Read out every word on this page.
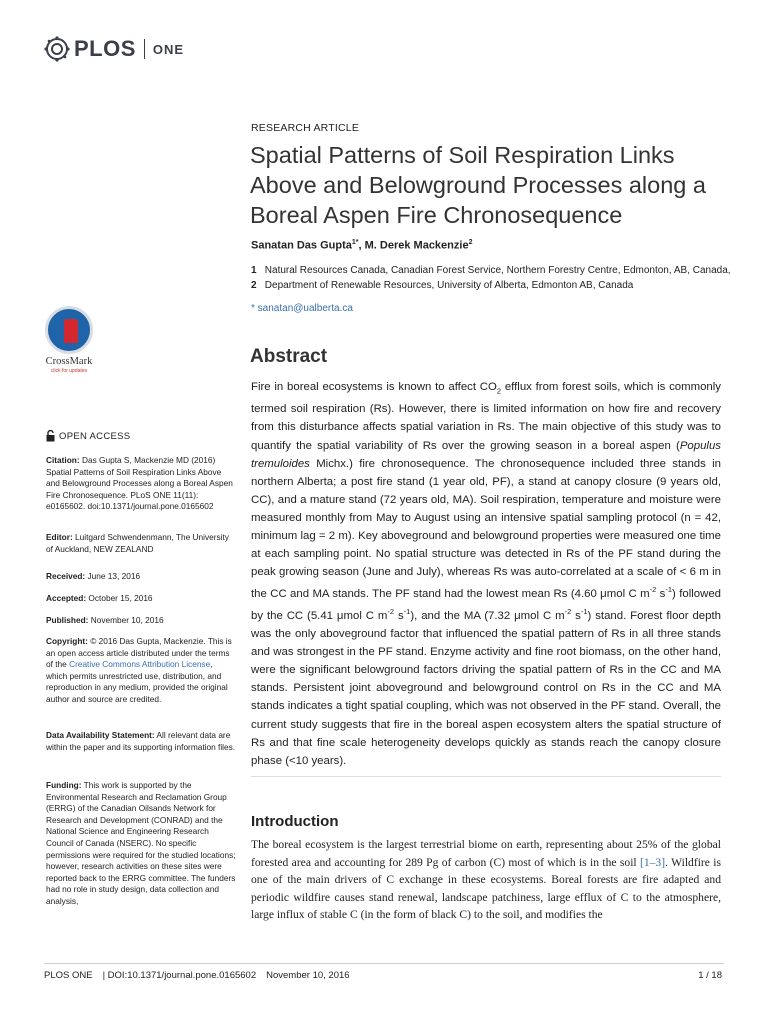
PLOS ONE
RESEARCH ARTICLE
Spatial Patterns of Soil Respiration Links Above and Belowground Processes along a Boreal Aspen Fire Chronosequence
Sanatan Das Gupta$^{1*}$, M. Derek Mackenzie$^2$
1 Natural Resources Canada, Canadian Forest Service, Northern Forestry Centre, Edmonton, AB, Canada,
2 Department of Renewable Resources, University of Alberta, Edmonton AB, Canada
* sanatan@ualberta.ca
Abstract

Fire in boreal ecosystems is known to affect $CO_2$ efflux from forest soils, which is commonly termed soil respiration (Rs). However, there is limited information on how fire and recovery from this disturbance affects spatial variation in Rs. The main objective of this study was to quantify the spatial variability of Rs over the growing season in a boreal aspen (Populus tremuloides Michx.) fire chronosequence. The chronosequence included three stands in northern Alberta; a post fire stand (1 year old, PF), a stand at canopy closure (9 years old, CC), and a mature stand (72 years old, MA). Soil respiration, temperature and moisture were measured monthly from May to August using an intensive spatial sampling protocol (n = 42, minimum lag = 2 m). Key aboveground and belowground properties were measured one time at each sampling point. No spatial structure was detected in Rs of the PF stand during the peak growing season (June and July), whereas Rs was auto-correlated at a scale of < 6 m in the CC and MA stands. The PF stand had the lowest mean Rs (4.60 μmol C $m^{-2}$ $s^{-1}$) followed by the CC (5.41 μmol C $m^{-2}$ $s^{-1}$), and the MA (7.32 μmol C $m^{-2}$ $s^{-1}$) stand. Forest floor depth was the only aboveground factor that influenced the spatial pattern of Rs in all three stands and was strongest in the PF stand. Enzyme activity and fine root biomass, on the other hand, were the significant belowground factors driving the spatial pattern of Rs in the CC and MA stands. Persistent joint aboveground and belowground control on Rs in the CC and MA stands indicates a tight spatial coupling, which was not observed in the PF stand. Overall, the current study suggests that fire in the boreal aspen ecosystem alters the spatial structure of Rs and that fine scale heterogeneity develops quickly as stands reach the canopy closure phase (<10 years).

Introduction

The boreal ecosystem is the largest terrestrial biome on earth, representing about 25% of the global forested area and accounting for 289 Pg of carbon (C) most of which is in the soil [1–3]. Wildfire is one of the main drivers of C exchange in these ecosystems. Boreal forests are fire adapted and periodic wildfire causes stand renewal, landscape patchiness, large efflux of C to the atmosphere, large influx of stable C (in the form of black C) to the soil, and modifies the

CrossMark
click for updates
OPEN ACCESS
Citation: Das Gupta S, Mackenzie MD (2016) Spatial Patterns of Soil Respiration Links Above and Belowground Processes along a Boreal Aspen Fire Chronosequence. PLoS ONE 11(11): e0165602. doi:10.1371/journal.pone.0165602
Editor: Luitgard Schwendenmann, The University of Auckland, NEW ZEALAND
Received: June 13, 2016
Accepted: October 15, 2016
Published: November 10, 2016
Copyright: © 2016 Das Gupta, Mackenzie. This is an open access article distributed under the terms of the Creative Commons Attribution License, which permits unrestricted use, distribution, and reproduction in any medium, provided the original author and source are credited.
Data Availability Statement: All relevant data are within the paper and its supporting information files.
Funding: This work is supported by the Environmental Research and Reclamation Group (ERRG) of the Canadian Oilsands Network for Research and Development (CONRAD) and the National Science and Engineering Research Council of Canada (NSERC). No specific permissions were required for the studied locations; however, research activities on these sites were reported back to the ERRG committee. The funders had no role in study design, data collection and analysis,
PLOS ONE | DOI:10.1371/journal.pone.0165602 November 10, 2016	1 / 18
